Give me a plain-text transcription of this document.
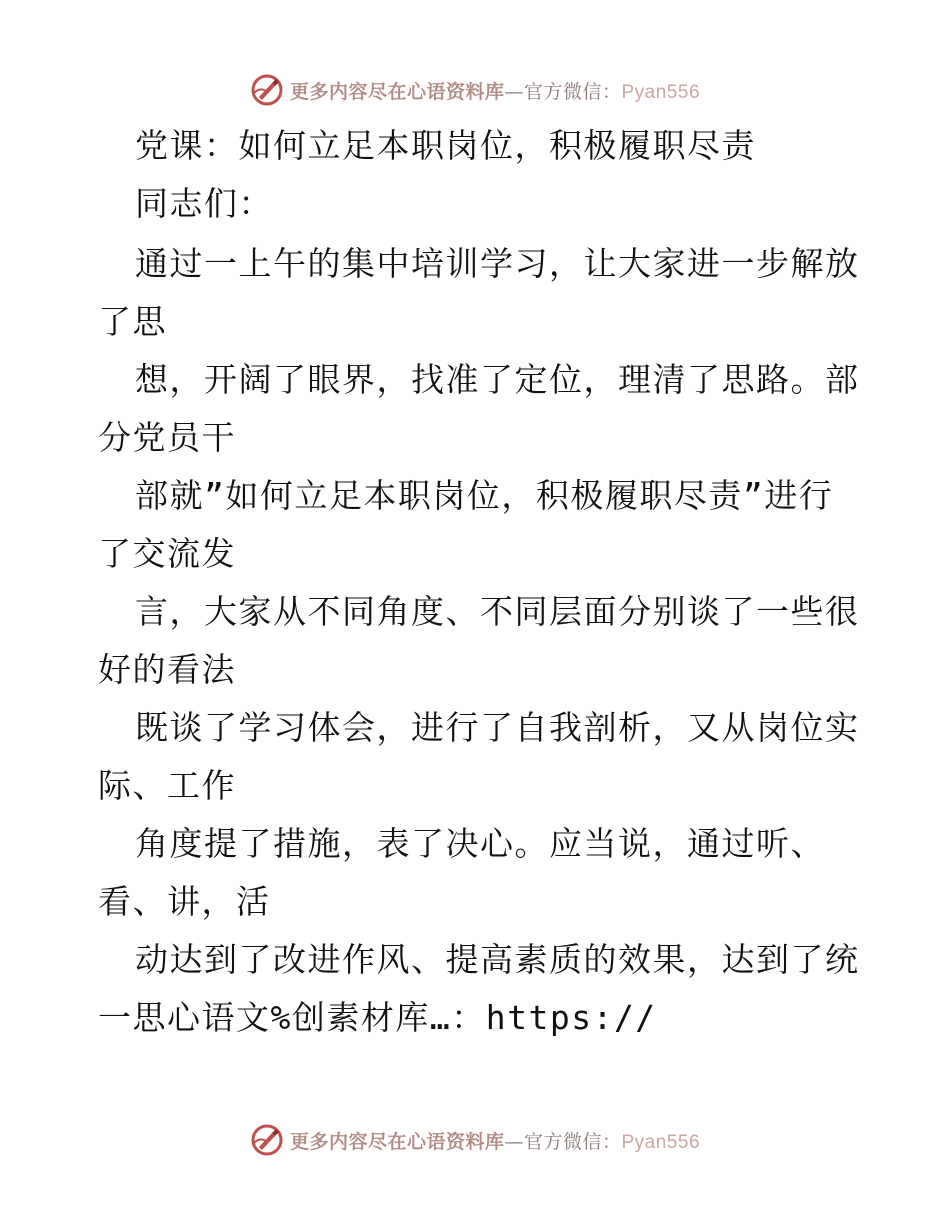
更多内容尽在心语资料库—官方微信：Pyan556
党课：如何立足本职岗位，积极履职尽责
同志们：
通过一上午的集中培训学习，让大家进一步解放
了思
想，开阔了眼界，找准了定位，理清了思路。部
分党员干
部就”如何立足本职岗位，积极履职尽责”进行
了交流发
言，大家从不同角度、不同层面分别谈了一些很
好的看法
既谈了学习体会，进行了自我剖析，又从岗位实
际、工作
角度提了措施，表了决心。应当说，通过听、
看、讲，活
动达到了改进作风、提高素质的效果，达到了统
一思心语文%创素材库…：https://
更多内容尽在心语资料库—官方微信：Pyan556
